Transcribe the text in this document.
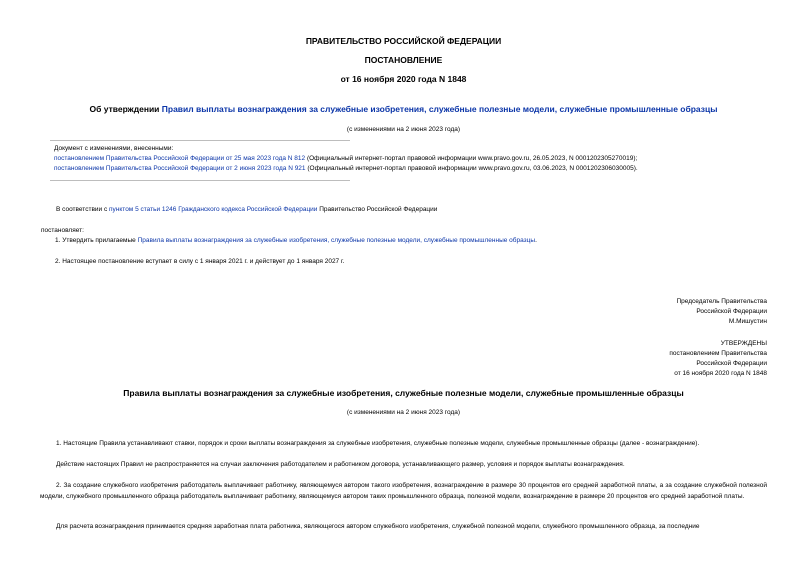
ПРАВИТЕЛЬСТВО РОССИЙСКОЙ ФЕДЕРАЦИИ
ПОСТАНОВЛЕНИЕ
от 16 ноября 2020 года N 1848
Об утверждении Правил выплаты вознаграждения за служебные изобретения, служебные полезные модели, служебные промышленные образцы
(с изменениями на 2 июня 2023 года)
Документ с изменениями, внесенными:
постановлением Правительства Российской Федерации от 25 мая 2023 года N 812 (Официальный интернет-портал правовой информации www.pravo.gov.ru, 26.05.2023, N 0001202305270019);
постановлением Правительства Российской Федерации от 2 июня 2023 года N 921 (Официальный интернет-портал правовой информации www.pravo.gov.ru, 03.06.2023, N 0001202306030005).
В соответствии с пунктом 5 статьи 1246 Гражданского кодекса Российской Федерации Правительство Российской Федерации
постановляет:
1. Утвердить прилагаемые Правила выплаты вознаграждения за служебные изобретения, служебные полезные модели, служебные промышленные образцы.
2. Настоящее постановление вступает в силу с 1 января 2021 г. и действует до 1 января 2027 г.
Председатель Правительства
Российской Федерации
М.Мишустин
УТВЕРЖДЕНЫ
постановлением Правительства
Российской Федерации
от 16 ноября 2020 года N 1848
Правила выплаты вознаграждения за служебные изобретения, служебные полезные модели, служебные промышленные образцы
(с изменениями на 2 июня 2023 года)
1. Настоящие Правила устанавливают ставки, порядок и сроки выплаты вознаграждения за служебные изобретения, служебные полезные модели, служебные промышленные образцы (далее - вознаграждение).
Действие настоящих Правил не распространяется на случаи заключения работодателем и работником договора, устанавливающего размер, условия и порядок выплаты вознаграждения.
2. За создание служебного изобретения работодатель выплачивает работнику, являющемуся автором такого изобретения, вознаграждение в размере 30 процентов его средней заработной платы, а за создание служебной полезной модели, служебного промышленного образца работодатель выплачивает работнику, являющемуся автором таких промышленного образца, полезной модели, вознаграждение в размере 20 процентов его средней заработной платы.
Для расчета вознаграждения принимается средняя заработная плата работника, являющегося автором служебного изобретения, служебной полезной модели, служебного промышленного образца, за последние
